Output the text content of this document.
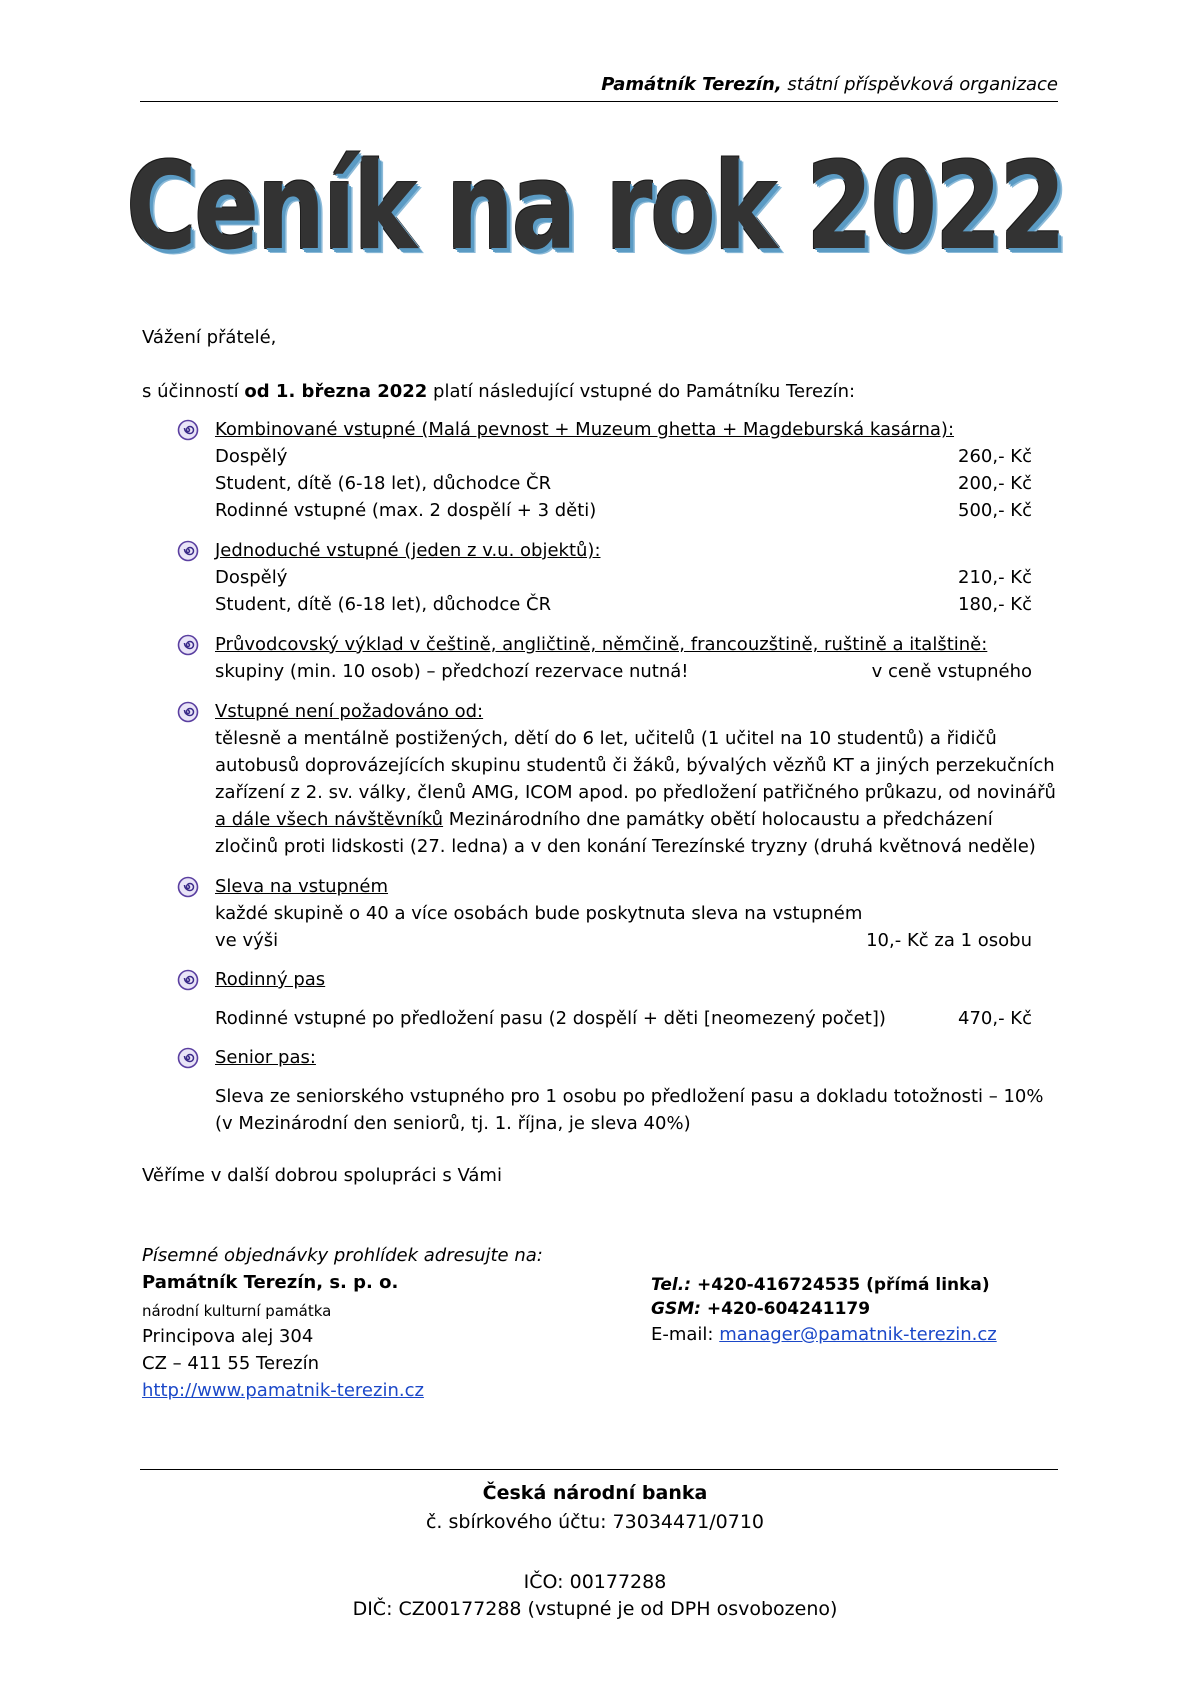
Památník Terezín, státní příspěvková organizace
Ceník na rok 2022
Vážení přátelé,
s účinností od 1. března 2022 platí následující vstupné do Památníku Terezín:
Kombinované vstupné (Malá pevnost + Muzeum ghetta + Magdeburská kasárna):
Dospělý	260,- Kč
Student, dítě (6-18 let), důchodce ČR	200,- Kč
Rodinné vstupné (max. 2 dospělí + 3 děti)	500,- Kč
Jednoduché vstupné (jeden z v.u. objektů):
Dospělý	210,- Kč
Student, dítě (6-18 let), důchodce ČR	180,- Kč
Průvodcovský výklad v češtině, angličtině, němčině, francouzštině, ruštině a italštině:
skupiny (min. 10 osob) – předchozí rezervace nutná!	v ceně vstupného
Vstupné není požadováno od:
tělesně a mentálně postižených, dětí do 6 let, učitelů (1 učitel na 10 studentů) a řidičů
autobusů doprovázejících skupinu studentů či žáků, bývalých vězňů KT a jiných perzekučních
zařízení z 2. sv. války, členů AMG, ICOM apod. po předložení patřičného průkazu, od novinářů
a dále všech návštěvníků Mezinárodního dne památky obětí holocaustu a předcházení
zločinů proti lidskosti (27. ledna) a v den konání Terezínské tryzny (druhá květnová neděle)
Sleva na vstupném
každé skupině o 40 a více osobách bude poskytnuta sleva na vstupném
ve výši	10,- Kč za 1 osobu
Rodinný pas
Rodinné vstupné po předložení pasu (2 dospělí + děti [neomezený počet])	470,- Kč
Senior pas:
Sleva ze seniorského vstupného pro 1 osobu po předložení pasu a dokladu totožnosti – 10%
(v Mezinárodní den seniorů, tj. 1. října, je sleva 40%)
Věříme v další dobrou spolupráci s Vámi
Písemné objednávky prohlídek adresujte na:
Památník Terezín, s. p. o.
národní kulturní památka
Principova alej 304
CZ – 411 55 Terezín
http://www.pamatnik-terezin.cz
Tel.: +420-416724535 (přímá linka)
GSM: +420-604241179
E-mail: manager@pamatnik-terezin.cz
Česká národní banka
č. sbírkového účtu: 73034471/0710
IČO: 00177288
DIČ: CZ00177288 (vstupné je od DPH osvobozeno)
